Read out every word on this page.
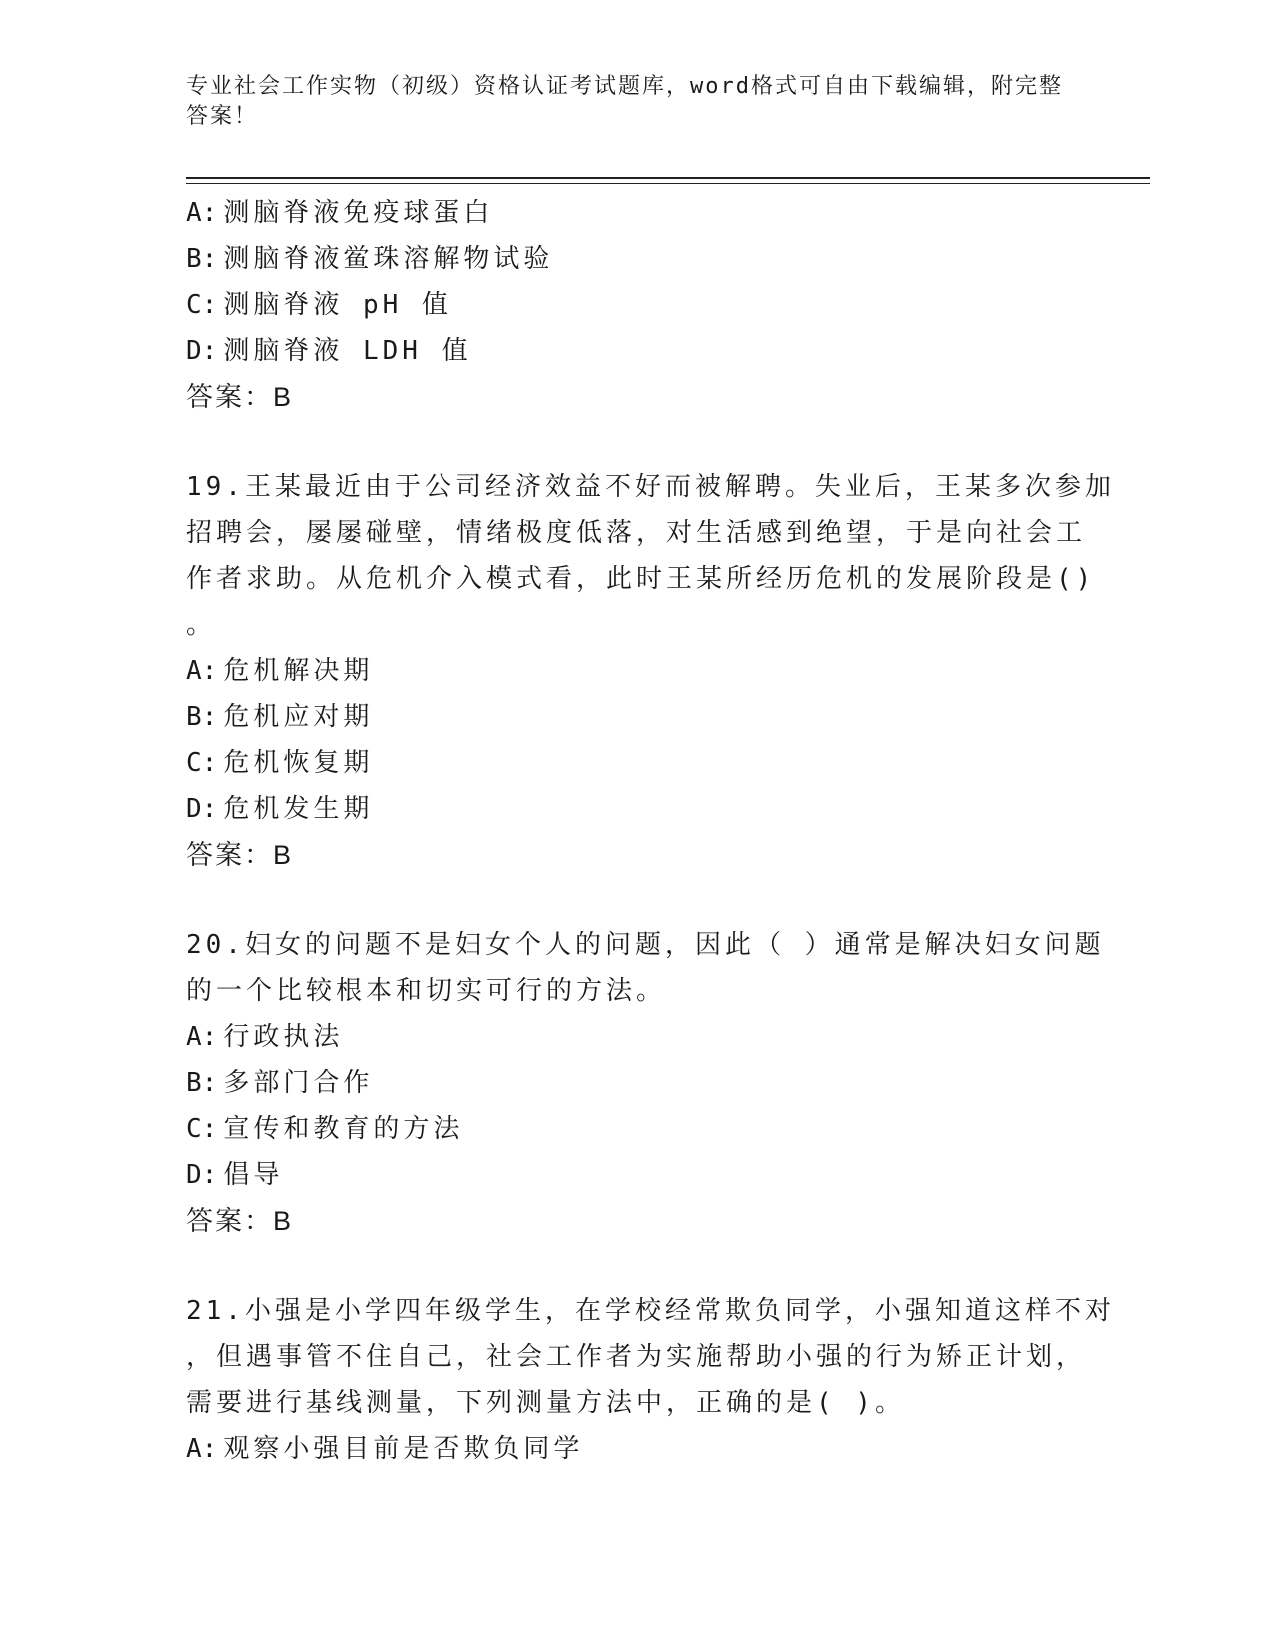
专业社会工作实物（初级）资格认证考试题库，word格式可自由下载编辑，附完整答案！
A: 测脑脊液免疫球蛋白
B: 测脑脊液鲎珠溶解物试验
C: 测脑脊液 pH 值
D: 测脑脊液 LDH 值
答案：B
19.王某最近由于公司经济效益不好而被解聘。失业后，王某多次参加
招聘会，屡屡碰壁，情绪极度低落，对生活感到绝望，于是向社会工
作者求助。从危机介入模式看，此时王某所经历危机的发展阶段是()
。
A: 危机解决期
B: 危机应对期
C: 危机恢复期
D: 危机发生期
答案：B
20.妇女的问题不是妇女个人的问题，因此（ ）通常是解决妇女问题
的一个比较根本和切实可行的方法。
A: 行政执法
B: 多部门合作
C: 宣传和教育的方法
D: 倡导
答案：B
21.小强是小学四年级学生，在学校经常欺负同学，小强知道这样不对
，但遇事管不住自己，社会工作者为实施帮助小强的行为矫正计划，
需要进行基线测量，下列测量方法中，正确的是( )。
A: 观察小强目前是否欺负同学
